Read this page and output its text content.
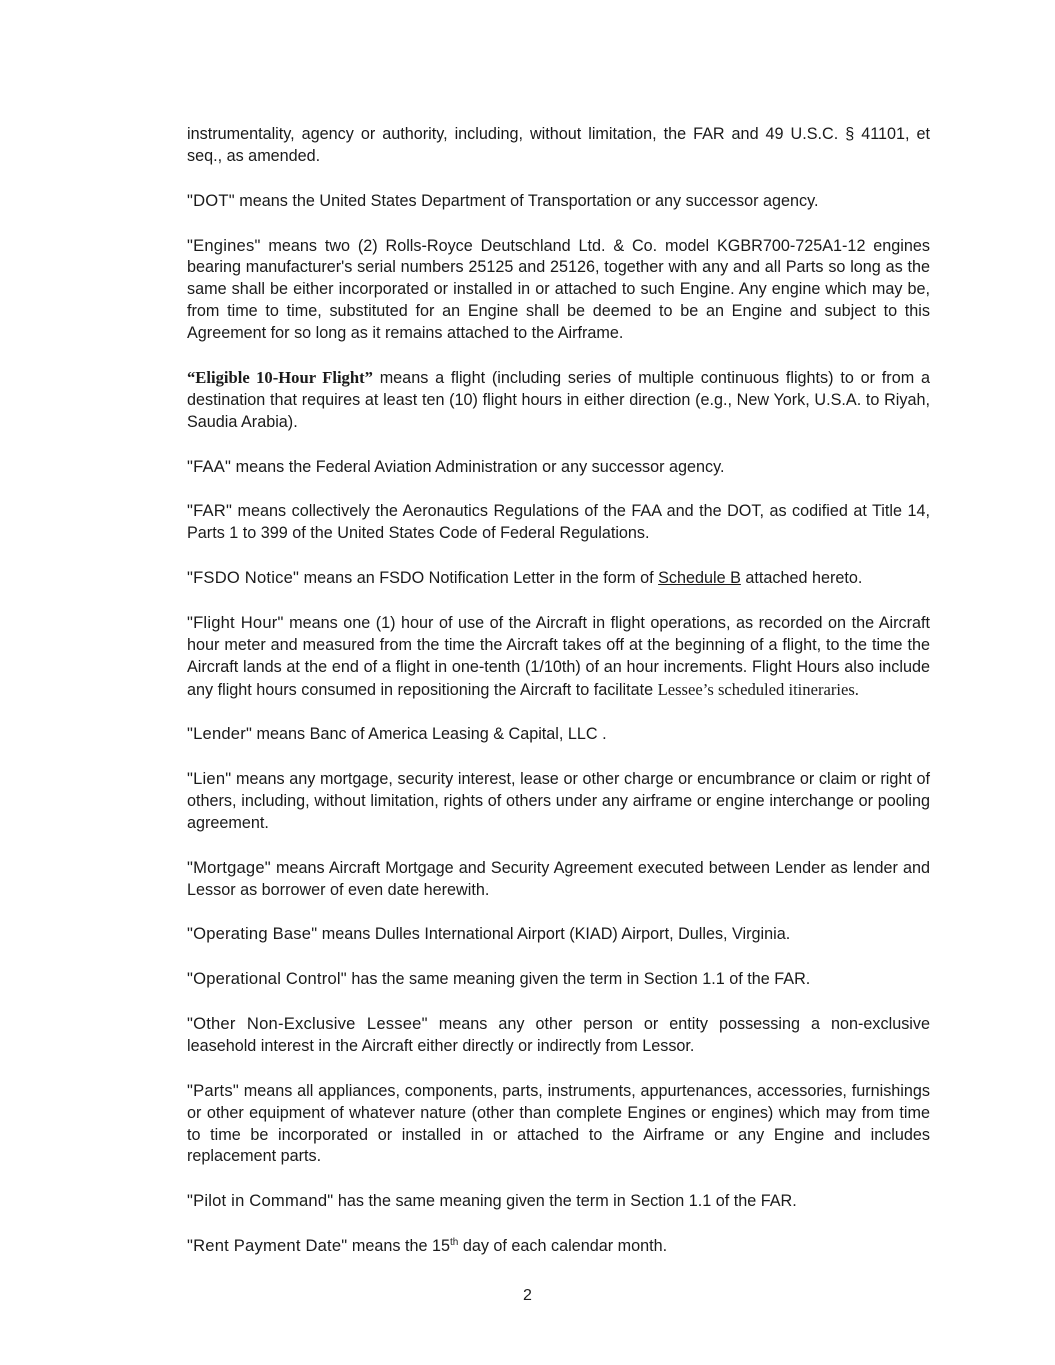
instrumentality, agency or authority, including, without limitation, the FAR and 49 U.S.C. § 41101, et seq., as amended.

"DOT" means the United States Department of Transportation or any successor agency.

"Engines" means two (2) Rolls-Royce Deutschland Ltd. & Co. model KGBR700-725A1-12 engines bearing manufacturer's serial numbers 25125 and 25126, together with any and all Parts so long as the same shall be either incorporated or installed in or attached to such Engine. Any engine which may be, from time to time, substituted for an Engine shall be deemed to be an Engine and subject to this Agreement for so long as it remains attached to the Airframe.

“Eligible 10-Hour Flight” means a flight (including series of multiple continuous flights) to or from a destination that requires at least ten (10) flight hours in either direction (e.g., New York, U.S.A. to Riyah, Saudia Arabia).

"FAA" means the Federal Aviation Administration or any successor agency.

"FAR" means collectively the Aeronautics Regulations of the FAA and the DOT, as codified at Title 14, Parts 1 to 399 of the United States Code of Federal Regulations.

"FSDO Notice" means an FSDO Notification Letter in the form of Schedule B attached hereto.

"Flight Hour" means one (1) hour of use of the Aircraft in flight operations, as recorded on the Aircraft hour meter and measured from the time the Aircraft takes off at the beginning of a flight, to the time the Aircraft lands at the end of a flight in one-tenth (1/10th) of an hour increments. Flight Hours also include any flight hours consumed in repositioning the Aircraft to facilitate Lessee’s scheduled itineraries.

"Lender" means Banc of America Leasing & Capital, LLC .

"Lien" means any mortgage, security interest, lease or other charge or encumbrance or claim or right of others, including, without limitation, rights of others under any airframe or engine interchange or pooling agreement.

"Mortgage" means Aircraft Mortgage and Security Agreement executed between Lender as lender and Lessor as borrower of even date herewith.

"Operating Base" means Dulles International Airport (KIAD) Airport, Dulles, Virginia.

"Operational Control" has the same meaning given the term in Section 1.1 of the FAR.

"Other Non-Exclusive Lessee" means any other person or entity possessing a non-exclusive leasehold interest in the Aircraft either directly or indirectly from Lessor.

"Parts" means all appliances, components, parts, instruments, appurtenances, accessories, furnishings or other equipment of whatever nature (other than complete Engines or engines) which may from time to time be incorporated or installed in or attached to the Airframe or any Engine and includes replacement parts.

"Pilot in Command" has the same meaning given the term in Section 1.1 of the FAR.

"Rent Payment Date" means the 15th day of each calendar month.

2
